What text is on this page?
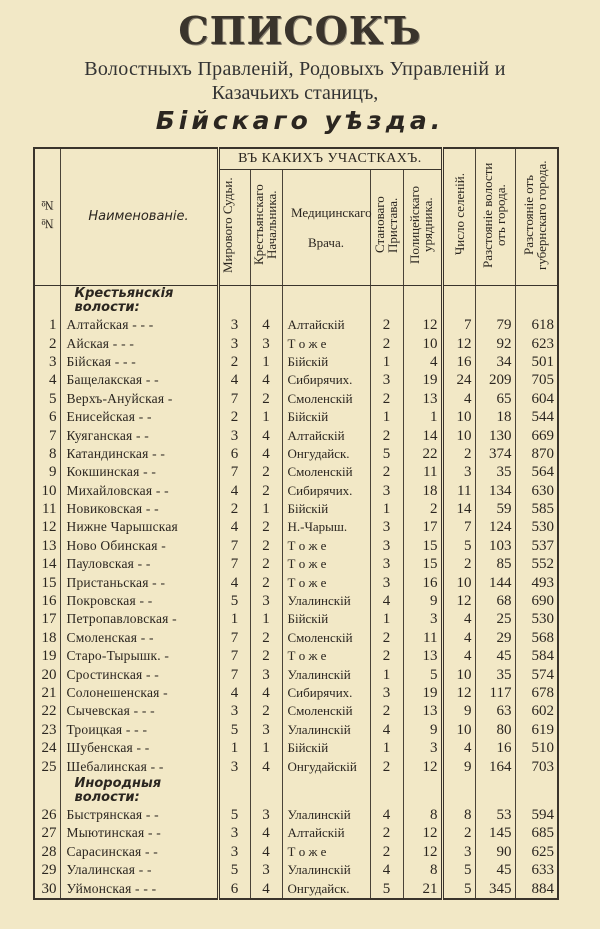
СПИСОКЪ
Волостныхъ Правленій, Родовыхъ Управленій и
Казачьихъ станицъ,
Бійскаго уѣзда.
№ №	Наименованіе.	ВЪ КАКИХЪ УЧАСТКАХЪ.					Число селеній.	Разстояніе волости отъ города.	Разстояніе отъ губернскаго города.
		Мирового Судьи.	Крестьянскаго Начальника.	Медицинскаго Врача.	Становаго Пристава.	Полицейскаго урядника.			
	Крестьянскія волости:								
1	Алтайская - - -	3	4	Алтайскій	2	12	7	79	618
2	Айская - - -	3	3	Т о ж е	2	10	12	92	623
3	Бійская - - -	2	1	Бійскій	1	4	16	34	501
4	Бащелакская - -	4	4	Сибирячих.	3	19	24	209	705
5	Верхъ-Ануйская -	7	2	Смоленскій	2	13	4	65	604
6	Енисейская - -	2	1	Бійскій	1	1	10	18	544
7	Куяганская - -	3	4	Алтайскій	2	14	10	130	669
8	Катандинская - -	6	4	Онгудайск.	5	22	2	374	870
9	Кокшинская - -	7	2	Смоленскій	2	11	3	35	564
10	Михайловская - -	4	2	Сибирячих.	3	18	11	134	630
11	Новиковская - -	2	1	Бійскій	1	2	14	59	585
12	Нижне Чарышская	4	2	Н.-Чарыш.	3	17	7	124	530
13	Ново Обинская -	7	2	Т о ж е	3	15	5	103	537
14	Пауловская - -	7	2	Т о ж е	3	15	2	85	552
15	Пристаньская - -	4	2	Т о ж е	3	16	10	144	493
16	Покровская - -	5	3	Улалинскій	4	9	12	68	690
17	Петропавловская -	1	1	Бійскій	1	3	4	25	530
18	Смоленская - -	7	2	Смоленскій	2	11	4	29	568
19	Старо-Тырышк. -	7	2	Т о ж е	2	13	4	45	584
20	Сростинская - -	7	3	Улалинскій	1	5	10	35	574
21	Солонешенская -	4	4	Сибирячих.	3	19	12	117	678
22	Сычевская - - -	3	2	Смоленскій	2	13	9	63	602
23	Троицкая - - -	5	3	Улалинскій	4	9	10	80	619
24	Шубенская - -	1	1	Бійскій	1	3	4	16	510
25	Шебалинская - -	3	4	Онгудайскій	2	12	9	164	703
	Инородныя волости:								
26	Быстрянская - -	5	3	Улалинскій	4	8	8	53	594
27	Мыютинская - -	3	4	Алтайскій	2	12	2	145	685
28	Сарасинская - -	3	4	Т о ж е	2	12	3	90	625
29	Улалинская - -	5	3	Улалинскій	4	8	5	45	633
30	Уймонская - - -	6	4	Онгудайск.	5	21	5	345	884
